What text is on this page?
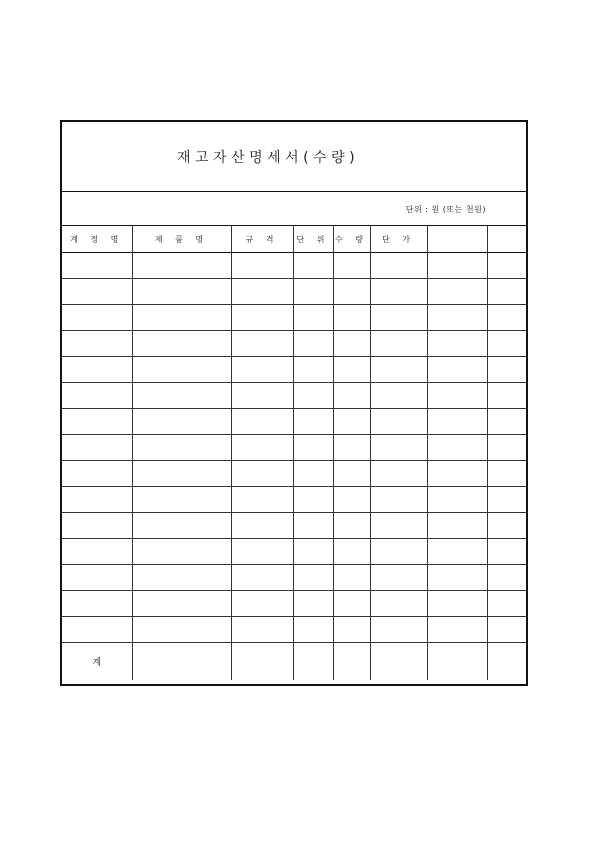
재고자산명세서(수량)
단위 : 원 (또는 천원)
계 정 명	제 품 명	규 격	단 위	수 량	단 가		

계							
